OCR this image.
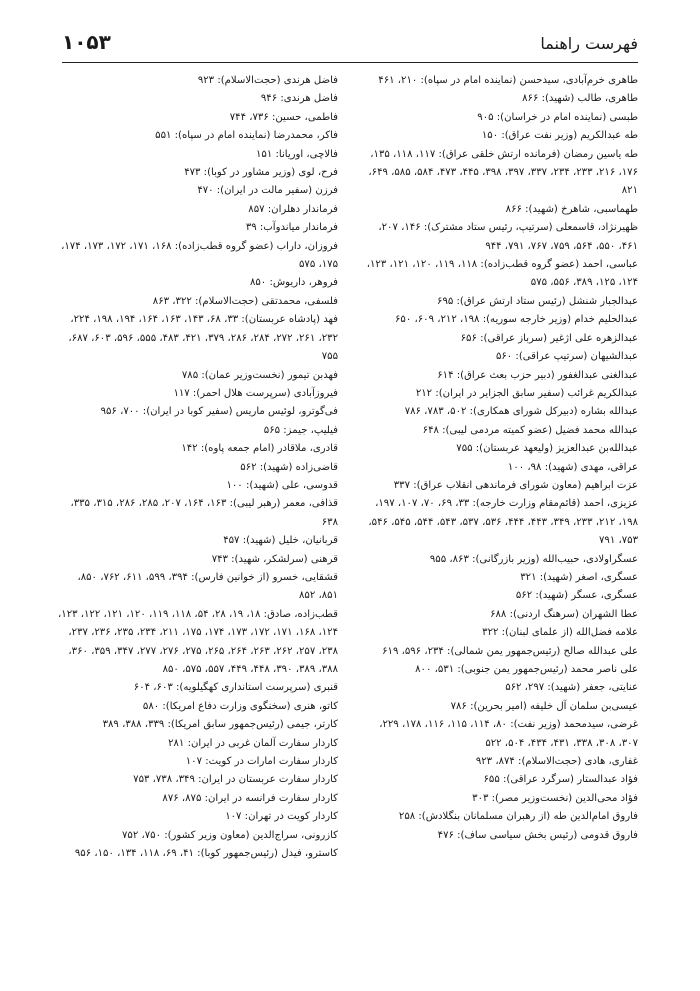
فهرست راهنما
۱۰۵۳

طاهری خرم‌آبادی، سیدحسن (نماینده امام در سپاه): ۲۱۰، ۴۶۱

طاهری، طالب (شهید): ۸۶۶

طبسی (نماینده امام در خراسان): ۹۰۵

طه عبدالکریم (وزیر نفت عراق): ۱۵۰

طه یاسین رمضان (فرمانده ارتش خلقی عراق): ۱۱۷، ۱۱۸، ۱۳۵، ۱۷۶، ۲۱۶، ۲۳۳، ۲۳۴، ۳۳۷، ۳۹۷، ۳۹۸، ۴۴۵، ۴۷۳، ۵۸۴، ۵۸۵، ۶۴۹، ۸۲۱

طهماسبی، شاهرخ (شهید): ۸۶۶

ظهیرنژاد، قاسمعلی (سرتیپ، رئیس ستاد مشترک): ۱۴۶، ۲۰۷، ۴۶۱، ۵۵۰، ۵۶۴، ۷۵۹، ۷۶۷، ۷۹۱، ۹۴۴

عباسی، احمد (عضو گروه قطب‌زاده): ۱۱۸، ۱۱۹، ۱۲۰، ۱۲۱، ۱۲۳، ۱۲۴، ۱۲۵، ۳۸۹، ۵۵۶، ۵۷۵

عبدالجبار شنشل (رئیس ستاد ارتش عراق): ۶۹۵

عبدالحلیم خدام (وزیر خارجه سوریه): ۱۹۸، ۲۱۲، ۶۰۹، ۶۵۰

عبدالزهره علی اژغیر (سرباز عراقی): ۶۵۶

عبدالشیهان (سرتیپ عراقی): ۵۶۰

عبدالغنی عبدالغفور (دبیر حزب بعث عراق): ۶۱۴

عبدالکریم غرائب (سفیر سابق الجزایر در ایران): ۲۱۲

عبدالله بشاره (دبیرکل شورای همکاری): ۵۰۲، ۷۸۳، ۷۸۶

عبدالله محمد فضیل (عضو کمیته مردمی لیبی): ۶۴۸

عبدالله‌بن عبدالعزیز (ولیعهد عربستان): ۷۵۵

عراقی، مهدی (شهید): ۹۸، ۱۰۰

عزت ابراهیم (معاون شورای فرماندهی انقلاب عراق): ۳۳۷

عزیزی، احمد (قائم‌مقام وزارت خارجه): ۳۳، ۶۹، ۷۰، ۱۰۷، ۱۹۷، ۱۹۸، ۲۱۲، ۲۳۳، ۳۴۹، ۴۴۳، ۴۴۴، ۵۳۶، ۵۳۷، ۵۴۳، ۵۴۴، ۵۴۵، ۵۴۶، ۷۵۳، ۷۹۱

عسگراولادی، حبیب‌الله (وزیر بازرگانی): ۸۶۳، ۹۵۵

عسگری، اصغر (شهید): ۳۲۱

عسگری، عسگر (شهید): ۵۶۲

عطا الشهران (سرهنگ اردنی): ۶۸۸

علامه فضل‌الله (از علمای لبنان): ۳۲۲

علی عبدالله صالح (رئیس‌جمهور یمن شمالی): ۲۳۴، ۵۹۶، ۶۱۹

علی ناصر محمد (رئیس‌جمهور یمن جنوبی): ۵۳۱، ۸۰۰

عنایتی، جعفر (شهید): ۲۹۷، ۵۶۲

عیسی‌بن سلمان آل خلیفه (امیر بحرین): ۷۸۶

غرضی، سیدمحمد (وزیر نفت): ۸۰، ۱۱۴، ۱۱۵، ۱۱۶، ۱۷۸، ۲۲۹، ۳۰۷، ۳۰۸، ۳۳۸، ۴۳۱، ۴۳۴، ۵۰۴، ۵۲۲

غفاری، هادی (حجت‌الاسلام): ۸۷۴، ۹۲۳

فؤاد عبدالستار (سرگرد عراقی): ۶۵۵

فؤاد محی‌الدین (نخست‌وزیر مصر): ۳۰۳

فاروق امام‌الدین طه (از رهبران مسلمانان بنگلادش): ۲۵۸

فاروق قدومی (رئیس بخش سیاسی ساف): ۴۷۶

فاضل هرندی (حجت‌الاسلام): ۹۲۳

فاضل هرندی: ۹۴۶

فاطمی، حسین: ۷۳۶، ۷۴۴

فاکر، محمدرضا (نماینده امام در سپاه): ۵۵۱

فالاچی، اوریانا: ۱۵۱

فرح، لوی (وزیر مشاور در کوبا): ۴۷۳

فرزن (سفیر مالت در ایران): ۴۷۰

فرماندار دهلران: ۸۵۷

فرماندار میاندوآب: ۳۹

فروزان، داراب (عضو گروه قطب‌زاده): ۱۶۸، ۱۷۱، ۱۷۲، ۱۷۳، ۱۷۴، ۱۷۵، ۵۷۵

فروهر، داریوش: ۸۵۰

فلسفی، محمدتقی (حجت‌الاسلام): ۳۲۲، ۸۶۳

فهد (پادشاه عربستان): ۳۳، ۶۸، ۱۴۳، ۱۶۳، ۱۶۴، ۱۹۴، ۱۹۸، ۲۲۴، ۲۳۲، ۲۶۱، ۲۷۲، ۲۸۴، ۲۸۶، ۳۷۹، ۴۲۱، ۴۸۳، ۵۵۵، ۵۹۶، ۶۰۳، ۶۸۷، ۷۵۵

فهدبن تیمور (نخست‌وزیر عمان): ۷۸۵

فیروزآبادی (سرپرست هلال احمر): ۱۱۷

فی‌گوترو، لوئیس ماریس (سفیر کوبا در ایران): ۷۰۰، ۹۵۶

فیلیپ، جیمز: ۵۶۵

قادری، ملاقادر (امام جمعه پاوه): ۱۴۲

قاضی‌زاده (شهید): ۵۶۲

قدوسی، علی (شهید): ۱۰۰

قذافی، معمر (رهبر لیبی): ۱۶۳، ۱۶۴، ۲۰۷، ۲۸۵، ۲۸۶، ۳۱۵، ۳۳۵، ۶۳۸

قربانیان، خلیل (شهید): ۴۵۷

قرهنی (سرلشکر، شهید): ۷۴۳

قشقایی، خسرو (از خوانین فارس): ۳۹۴، ۵۹۹، ۶۱۱، ۷۶۲، ۸۵۰، ۸۵۱، ۸۵۲

قطب‌زاده، صادق: ۱۸، ۱۹، ۲۸، ۵۴، ۱۱۸، ۱۱۹، ۱۲۰، ۱۲۱، ۱۲۲، ۱۲۳، ۱۲۴، ۱۶۸، ۱۷۱، ۱۷۲، ۱۷۳، ۱۷۴، ۱۷۵، ۲۱۱، ۲۳۴، ۲۳۵، ۲۳۶، ۲۳۷، ۲۳۸، ۲۵۷، ۲۶۲، ۲۶۳، ۲۶۴، ۲۶۵، ۲۷۵، ۲۷۶، ۲۷۷، ۳۴۷، ۳۵۹، ۳۶۰، ۳۸۸، ۳۸۹، ۳۹۰، ۴۴۸، ۴۴۹، ۵۵۷، ۵۷۵، ۸۵۰

قنبری (سرپرست استانداری کهگیلویه): ۶۰۳، ۶۰۴

کاتو، هنری (سخنگوی وزارت دفاع امریکا): ۵۸۰

کارتر، جیمی (رئیس‌جمهور سابق امریکا): ۳۳۹، ۳۸۸، ۳۸۹

کاردار سفارت آلمان غربی در ایران: ۲۸۱

کاردار سفارت امارات در کویت: ۱۰۷

کاردار سفارت عربستان در ایران: ۳۴۹، ۷۳۸، ۷۵۳

کاردار سفارت فرانسه در ایران: ۸۷۵، ۸۷۶

کاردار کویت در تهران: ۱۰۷

کازرونی، سراج‌الدین (معاون وزیر کشور): ۷۵۰، ۷۵۲

کاسترو، فیدل (رئیس‌جمهور کوبا): ۴۱، ۶۹، ۱۱۸، ۱۳۴، ۱۵۰، ۹۵۶
